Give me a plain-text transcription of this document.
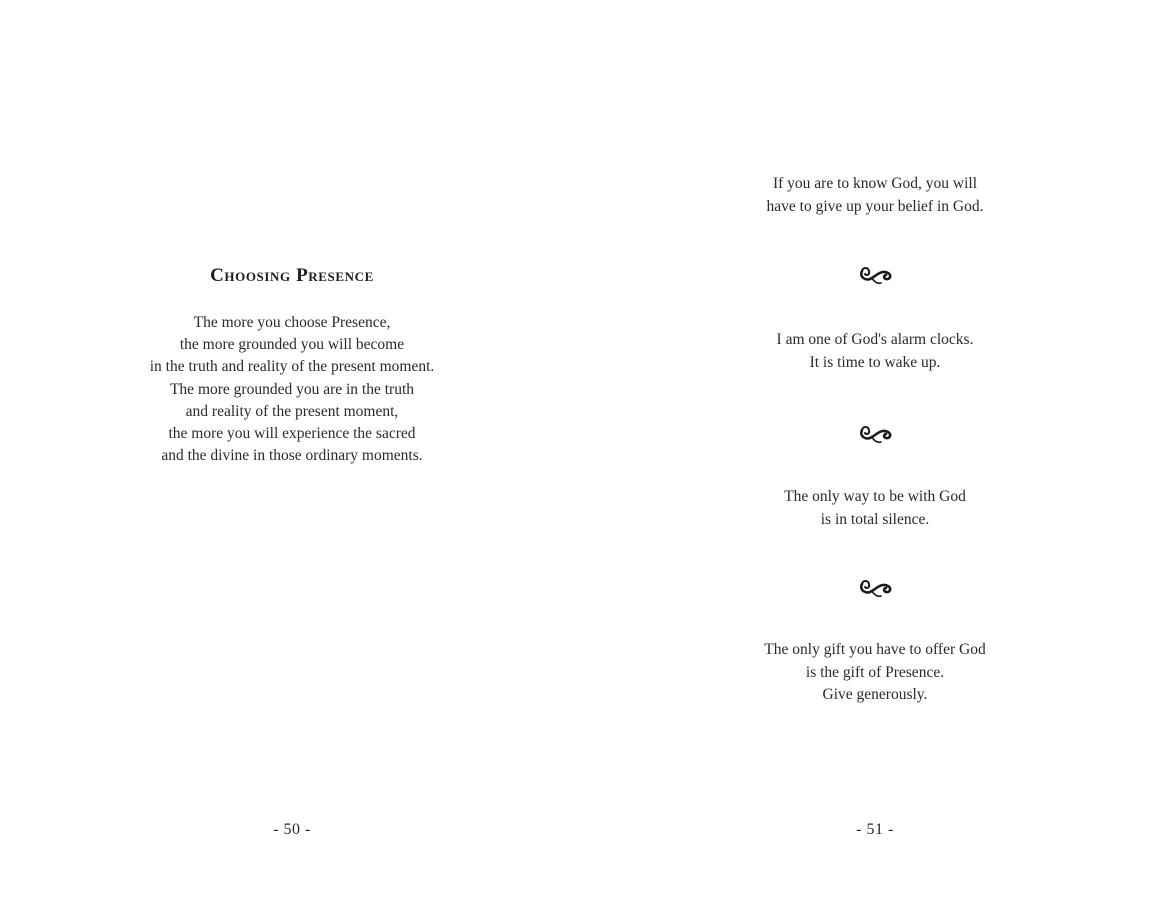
Choosing Presence
The more you choose Presence,
the more grounded you will become
in the truth and reality of the present moment.
The more grounded you are in the truth
and reality of the present moment,
the more you will experience the sacred
and the divine in those ordinary moments.
- 50 -
If you are to know God, you will
have to give up your belief in God.
I am one of God's alarm clocks.
It is time to wake up.
The only way to be with God
is in total silence.
The only gift you have to offer God
is the gift of Presence.
Give generously.
- 51 -
